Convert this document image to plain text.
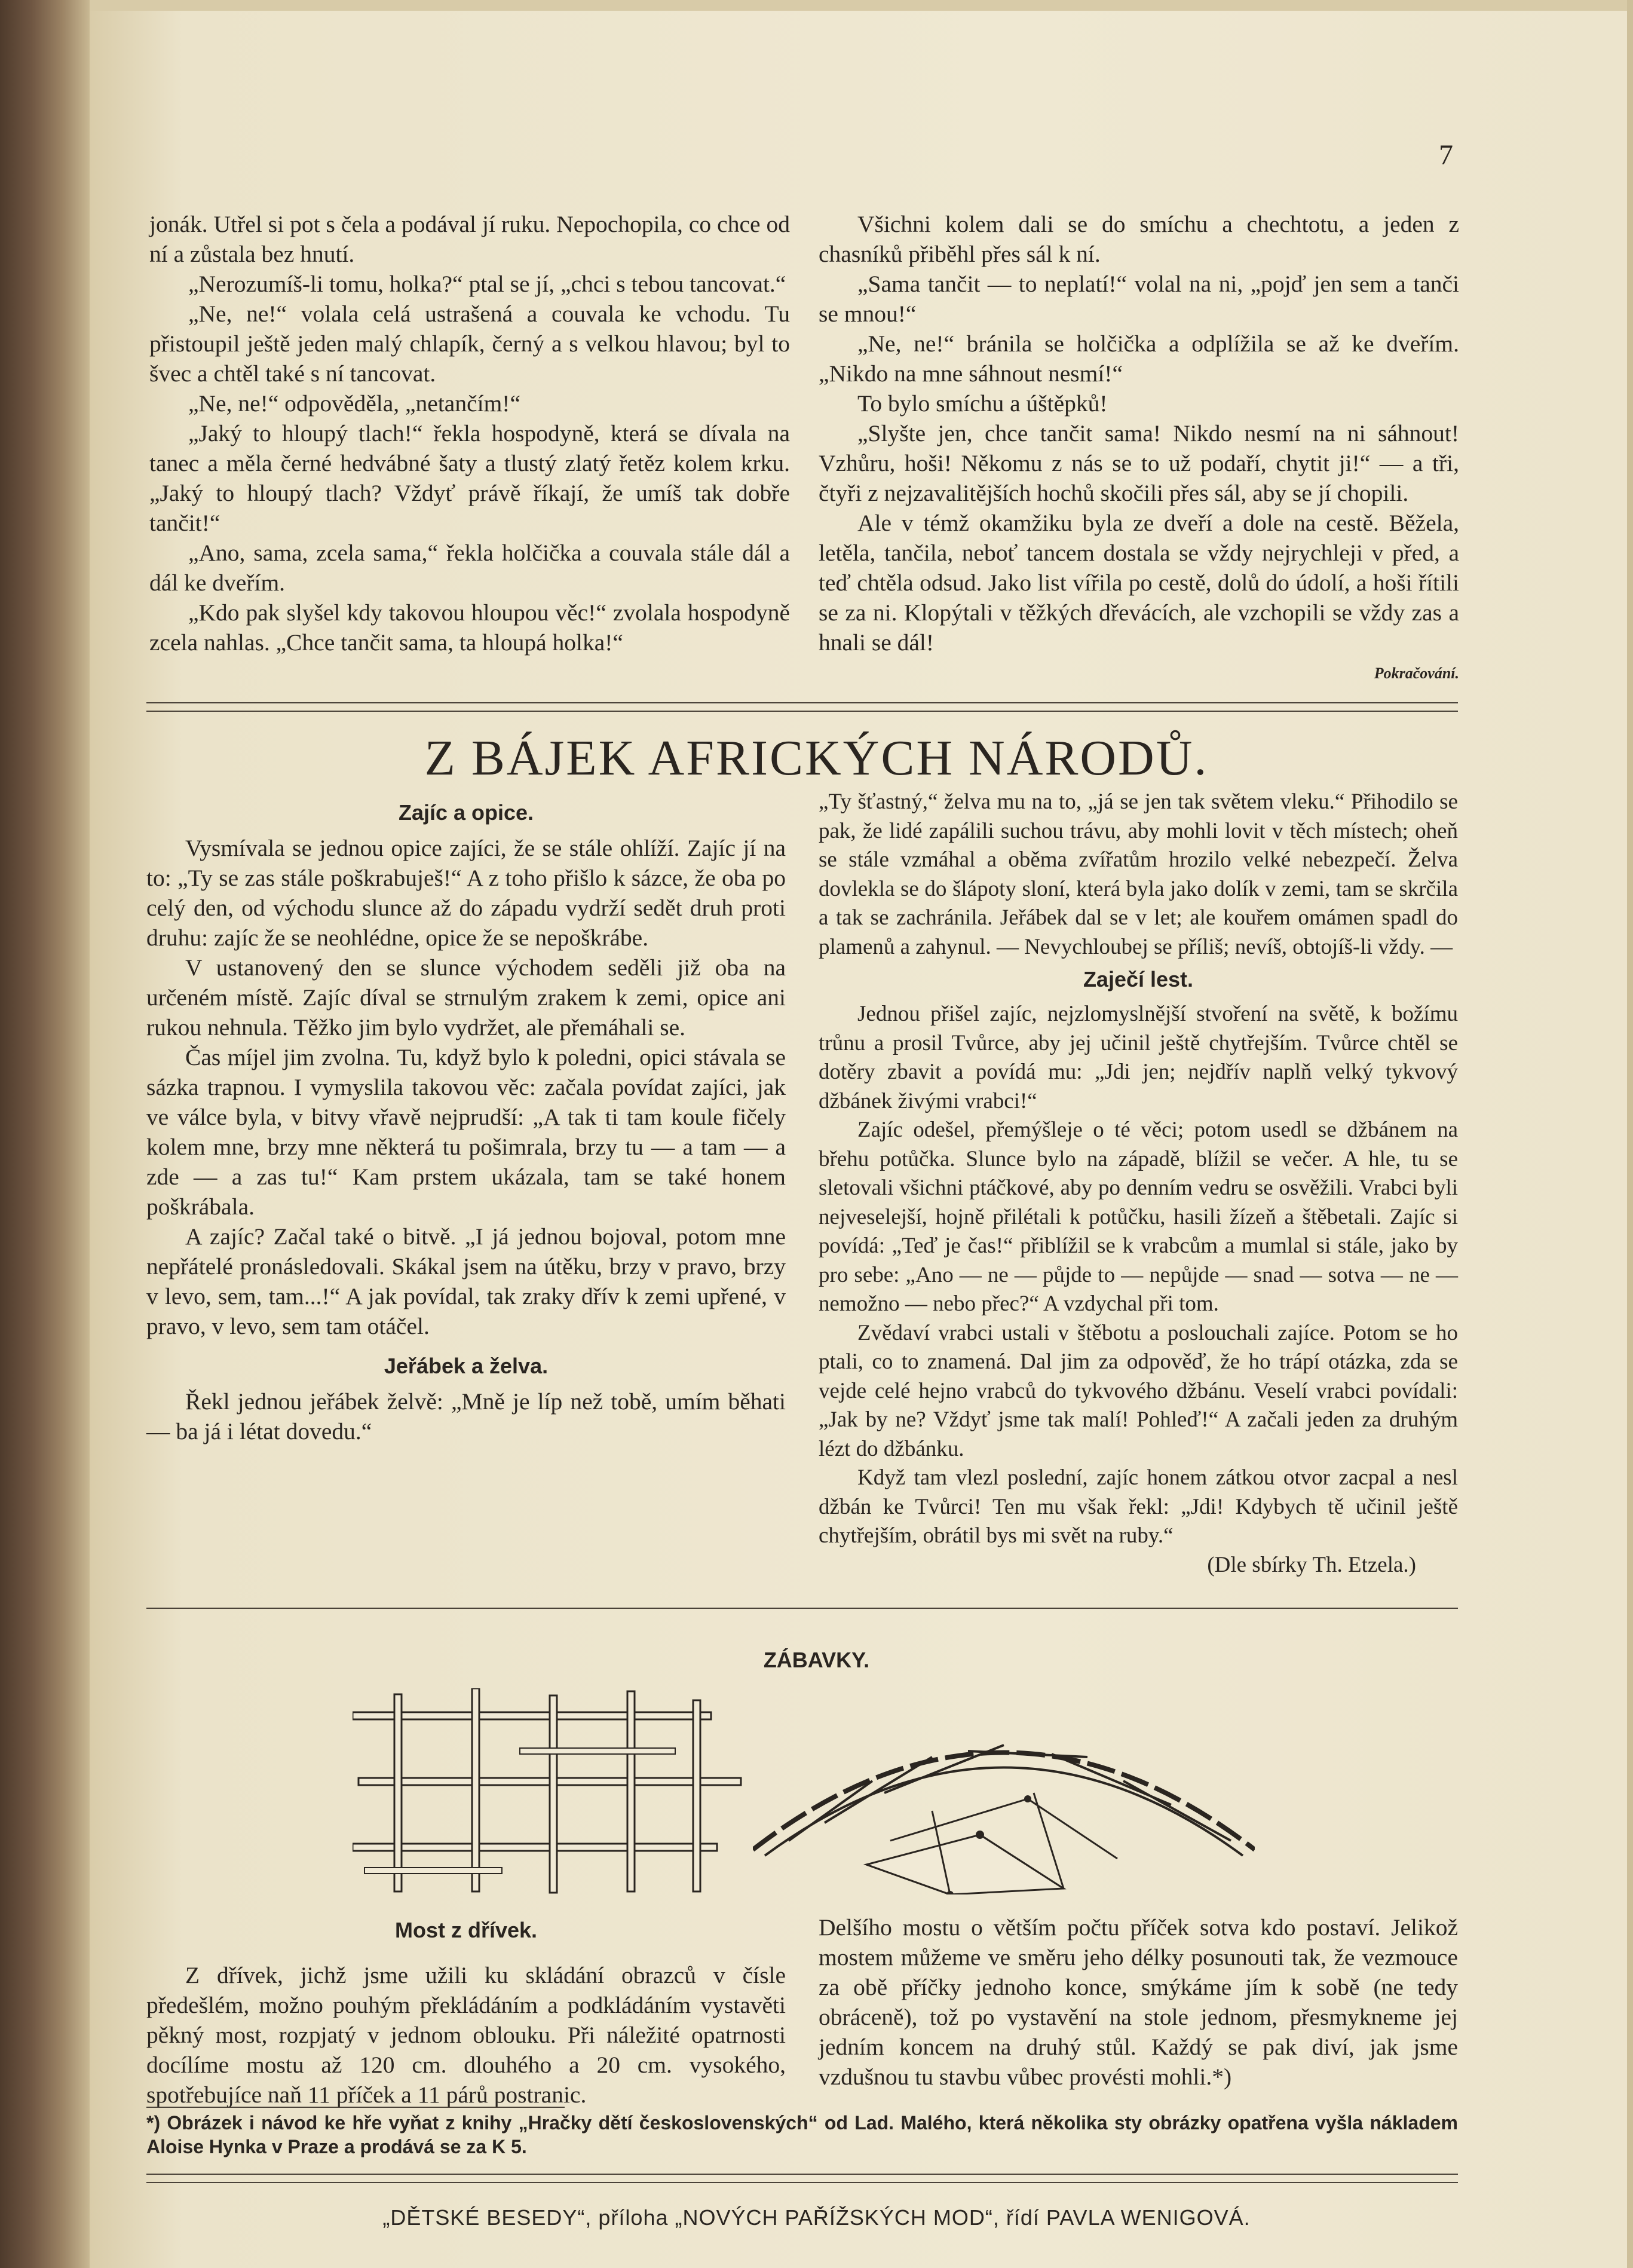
7

jonák. Utřel si pot s čela a podával jí ruku. Nepochopila, co chce od ní a zůstala bez hnutí.

„Nerozumíš-li tomu, holka?“ ptal se jí, „chci s tebou tancovat.“

„Ne, ne!“ volala celá ustrašená a couvala ke vchodu. Tu přistoupil ještě jeden malý chlapík, černý a s velkou hlavou; byl to švec a chtěl také s ní tancovat.

„Ne, ne!“ odpověděla, „netančím!“

„Jaký to hloupý tlach!“ řekla hospodyně, která se dívala na tanec a měla černé hedvábné šaty a tlustý zlatý řetěz kolem krku. „Jaký to hloupý tlach? Vždyť právě říkají, že umíš tak dobře tančit!“

„Ano, sama, zcela sama,“ řekla holčička a couvala stále dál a dál ke dveřím.

„Kdo pak slyšel kdy takovou hloupou věc!“ zvolala hospodyně zcela nahlas. „Chce tančit sama, ta hloupá holka!“

Všichni kolem dali se do smíchu a chechtotu, a jeden z chasníků přiběhl přes sál k ní.

„Sama tančit — to neplatí!“ volal na ni, „pojď jen sem a tanči se mnou!“

„Ne, ne!“ bránila se holčička a odplížila se až ke dveřím. „Nikdo na mne sáhnout nesmí!“

To bylo smíchu a úštěpků!

„Slyšte jen, chce tančit sama! Nikdo nesmí na ni sáhnout! Vzhůru, hoši! Někomu z nás se to už podaří, chytit ji!“ — a tři, čtyři z nejzavalitějších hochů skočili přes sál, aby se jí chopili.

Ale v témž okamžiku byla ze dveří a dole na cestě. Běžela, letěla, tančila, neboť tancem dostala se vždy nejrychleji v před, a teď chtěla odsud. Jako list vířila po cestě, dolů do údolí, a hoši řítili se za ni. Klopýtali v těžkých dřevácích, ale vzchopili se vždy zas a hnali se dál!

Pokračování.
Z BÁJEK AFRICKÝCH NÁRODŮ.
Zajíc a opice.

Vysmívala se jednou opice zajíci, že se stále ohlíží. Zajíc jí na to: „Ty se zas stále poškrabuješ!“ A z toho přišlo k sázce, že oba po celý den, od východu slunce až do západu vydrží sedět druh proti druhu: zajíc že se neohlédne, opice že se nepoškrábe.

V ustanovený den se slunce východem seděli již oba na určeném místě. Zajíc díval se strnulým zrakem k zemi, opice ani rukou nehnula. Těžko jim bylo vydržet, ale přemáhali se.

Čas míjel jim zvolna. Tu, když bylo k poledni, opici stávala se sázka trapnou. I vymyslila takovou věc: začala povídat zajíci, jak ve válce byla, v bitvy vřavě nejprudší: „A tak ti tam koule fičely kolem mne, brzy mne některá tu pošimrala, brzy tu — a tam — a zde — a zas tu!“ Kam prstem ukázala, tam se také honem poškrábala.

A zajíc? Začal také o bitvě. „I já jednou bojoval, potom mne nepřátelé pronásledovali. Skákal jsem na útěku, brzy v pravo, brzy v levo, sem, tam...!“ A jak povídal, tak zraky dřív k zemi upřené, v pravo, v levo, sem tam otáčel.

Jeřábek a želva.

Řekl jednou jeřábek želvě: „Mně je líp než tobě, umím běhati — ba já i létat dovedu.“

„Ty šťastný,“ želva mu na to, „já se jen tak světem vleku.“ Přihodilo se pak, že lidé zapálili suchou trávu, aby mohli lovit v těch místech; oheň se stále vzmáhal a oběma zvířatům hrozilo velké nebezpečí. Želva dovlekla se do šlápoty sloní, která byla jako dolík v zemi, tam se skrčila a tak se zachránila. Jeřábek dal se v let; ale kouřem omámen spadl do plamenů a zahynul. — Nevychloubej se příliš; nevíš, obtojíš-li vždy. —

Zaječí lest.

Jednou přišel zajíc, nejzlomyslnější stvoření na světě, k božímu trůnu a prosil Tvůrce, aby jej učinil ještě chytřejším. Tvůrce chtěl se dotěry zbavit a povídá mu: „Jdi jen; nejdřív naplň velký tykvový džbánek živými vrabci!“

Zajíc odešel, přemýšleje o té věci; potom usedl se džbánem na břehu potůčka. Slunce bylo na západě, blížil se večer. A hle, tu se sletovali všichni ptáčkové, aby po denním vedru se osvěžili. Vrabci byli nejveselejší, hojně přilétali k potůčku, hasili žízeň a štěbetali. Zajíc si povídá: „Teď je čas!“ přiblížil se k vrabcům a mumlal si stále, jako by pro sebe: „Ano — ne — půjde to — nepůjde — snad — sotva — ne — nemožno — nebo přec?“ A vzdychal při tom.

Zvědaví vrabci ustali v štěbotu a poslouchali zajíce. Potom se ho ptali, co to znamená. Dal jim za odpověď, že ho trápí otázka, zda se vejde celé hejno vrabců do tykvového džbánu. Veselí vrabci povídali: „Jak by ne? Vždyť jsme tak malí! Pohleď!“ A začali jeden za druhým lézt do džbánku.

Když tam vlezl poslední, zajíc honem zátkou otvor zacpal a nesl džbán ke Tvůrci! Ten mu však řekl: „Jdi! Kdybych tě učinil ještě chytřejším, obrátil bys mi svět na ruby.“

(Dle sbírky Th. Etzela.)
ZÁBAVKY.
Most z dřívek.

Z dřívek, jichž jsme užili ku skládání obrazců v čísle předešlém, možno pouhým překládáním a podkládáním vystavěti pěkný most, rozpjatý v jednom oblouku. Při náležité opatrnosti docílíme mostu až 120 cm. dlouhého a 20 cm. vysokého, spotřebujíce naň 11 příček a 11 párů postranic.

Delšího mostu o větším počtu příček sotva kdo postaví. Jelikož mostem můžeme ve směru jeho délky posunouti tak, že vezmouce za obě příčky jednoho konce, smýkáme jím k sobě (ne tedy obráceně), tož po vystavění na stole jednom, přesmykneme jej jedním koncem na druhý stůl. Každý se pak diví, jak jsme vzdušnou tu stavbu vůbec provésti mohli.*)

*) Obrázek i návod ke hře vyňat z knihy „Hračky dětí československých“ od Lad. Malého, která několika sty obrázky opatřena vyšla nákladem Aloise Hynka v Praze a prodává se za K 5.
„DĚTSKÉ BESEDY“, příloha „NOVÝCH PAŘÍŽSKÝCH MOD“, řídí PAVLA WENIGOVÁ.
